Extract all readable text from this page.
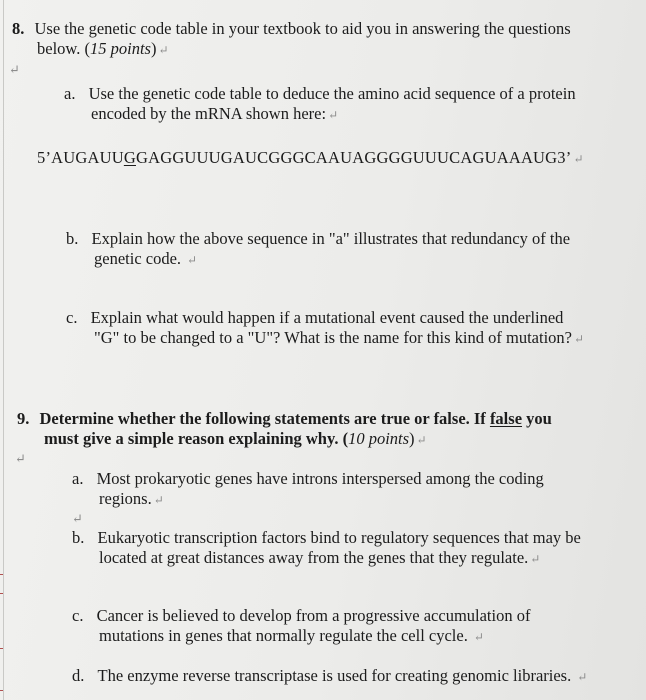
8. Use the genetic code table in your textbook to aid you in answering the questions
below. (15 points) ↵
↵
a. Use the genetic code table to deduce the amino acid sequence of a protein
encoded by the mRNA shown here: ↵
5’AUGAUUGGAGGUUUGAUCGGGCAAUAGGGGUUUCAGUAAAUG3’ ↵
b. Explain how the above sequence in "a" illustrates that redundancy of the
genetic code. ↵
c. Explain what would happen if a mutational event caused the underlined
"G" to be changed to a "U"? What is the name for this kind of mutation? ↵
9. Determine whether the following statements are true or false. If false you
must give a simple reason explaining why. (10 points) ↵
↵
a. Most prokaryotic genes have introns interspersed among the coding
regions. ↵
↵
b. Eukaryotic transcription factors bind to regulatory sequences that may be
located at great distances away from the genes that they regulate. ↵
c. Cancer is believed to develop from a progressive accumulation of
mutations in genes that normally regulate the cell cycle. ↵
d. The enzyme reverse transcriptase is used for creating genomic libraries. ↵
